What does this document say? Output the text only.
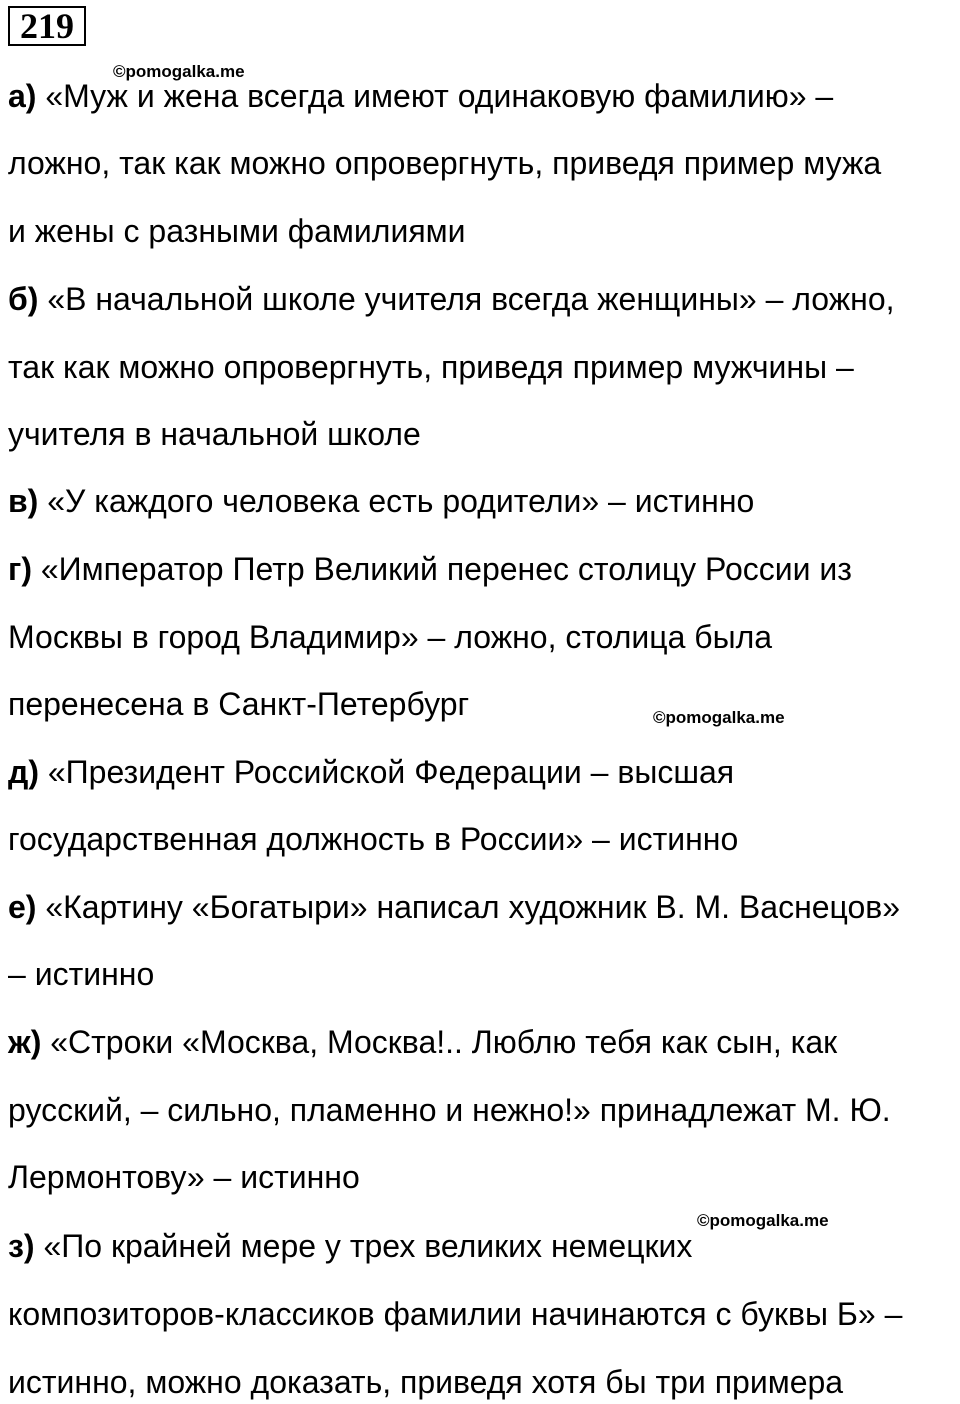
219
©pomogalka.me
©pomogalka.me
©pomogalka.me
а) «Муж и жена всегда имеют одинаковую фамилию» –
ложно, так как можно опровергнуть, приведя пример мужа
и жены с разными фамилиями
б) «В начальной школе учителя всегда женщины» – ложно,
так как можно опровергнуть, приведя пример мужчины –
учителя в начальной школе
в) «У каждого человека есть родители» – истинно
г) «Император Петр Великий перенес столицу России из
Москвы в город Владимир» – ложно, столица была
перенесена в Санкт-Петербург
д) «Президент Российской Федерации – высшая
государственная должность в России» – истинно
е) «Картину «Богатыри» написал художник В. М. Васнецов»
– истинно
ж) «Строки «Москва, Москва!.. Люблю тебя как сын, как
русский, – сильно, пламенно и нежно!» принадлежат М. Ю.
Лермонтову» – истинно
з) «По крайней мере у трех великих немецких
композиторов-классиков фамилии начинаются с буквы Б» –
истинно, можно доказать, приведя хотя бы три примера
